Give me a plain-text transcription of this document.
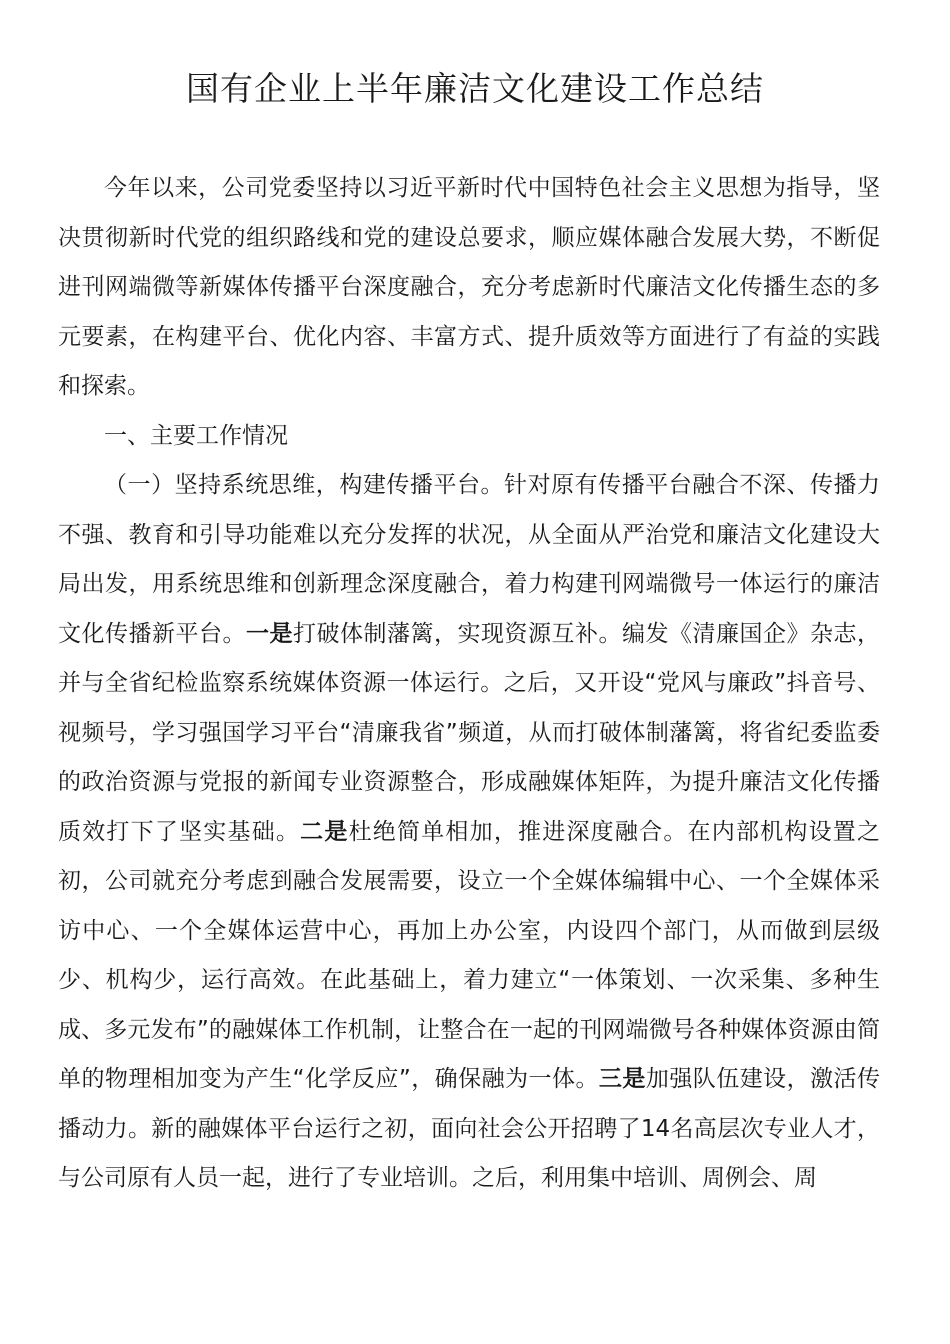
国有企业上半年廉洁文化建设工作总结

今年以来，公司党委坚持以习近平新时代中国特色社会主义思想为指导，坚决贯彻新时代党的组织路线和党的建设总要求，顺应媒体融合发展大势，不断促进刊网端微等新媒体传播平台深度融合，充分考虑新时代廉洁文化传播生态的多元要素，在构建平台、优化内容、丰富方式、提升质效等方面进行了有益的实践和探索。

一、主要工作情况

（一）坚持系统思维，构建传播平台。针对原有传播平台融合不深、传播力不强、教育和引导功能难以充分发挥的状况，从全面从严治党和廉洁文化建设大局出发，用系统思维和创新理念深度融合，着力构建刊网端微号一体运行的廉洁文化传播新平台。一是打破体制藩篱，实现资源互补。编发《清廉国企》杂志，并与全省纪检监察系统媒体资源一体运行。之后，又开设“党风与廉政”抖音号、视频号，学习强国学习平台“清廉我省”频道，从而打破体制藩篱，将省纪委监委的政治资源与党报的新闻专业资源整合，形成融媒体矩阵，为提升廉洁文化传播质效打下了坚实基础。二是杜绝简单相加，推进深度融合。在内部机构设置之初，公司就充分考虑到融合发展需要，设立一个全媒体编辑中心、一个全媒体采访中心、一个全媒体运营中心，再加上办公室，内设四个部门，从而做到层级少、机构少，运行高效。在此基础上，着力建立“一体策划、一次采集、多种生成、多元发布”的融媒体工作机制，让整合在一起的刊网端微号各种媒体资源由简单的物理相加变为产生“化学反应”，确保融为一体。三是加强队伍建设，激活传播动力。新的融媒体平台运行之初，面向社会公开招聘了14名高层次专业人才，与公司原有人员一起，进行了专业培训。之后，利用集中培训、周例会、周
